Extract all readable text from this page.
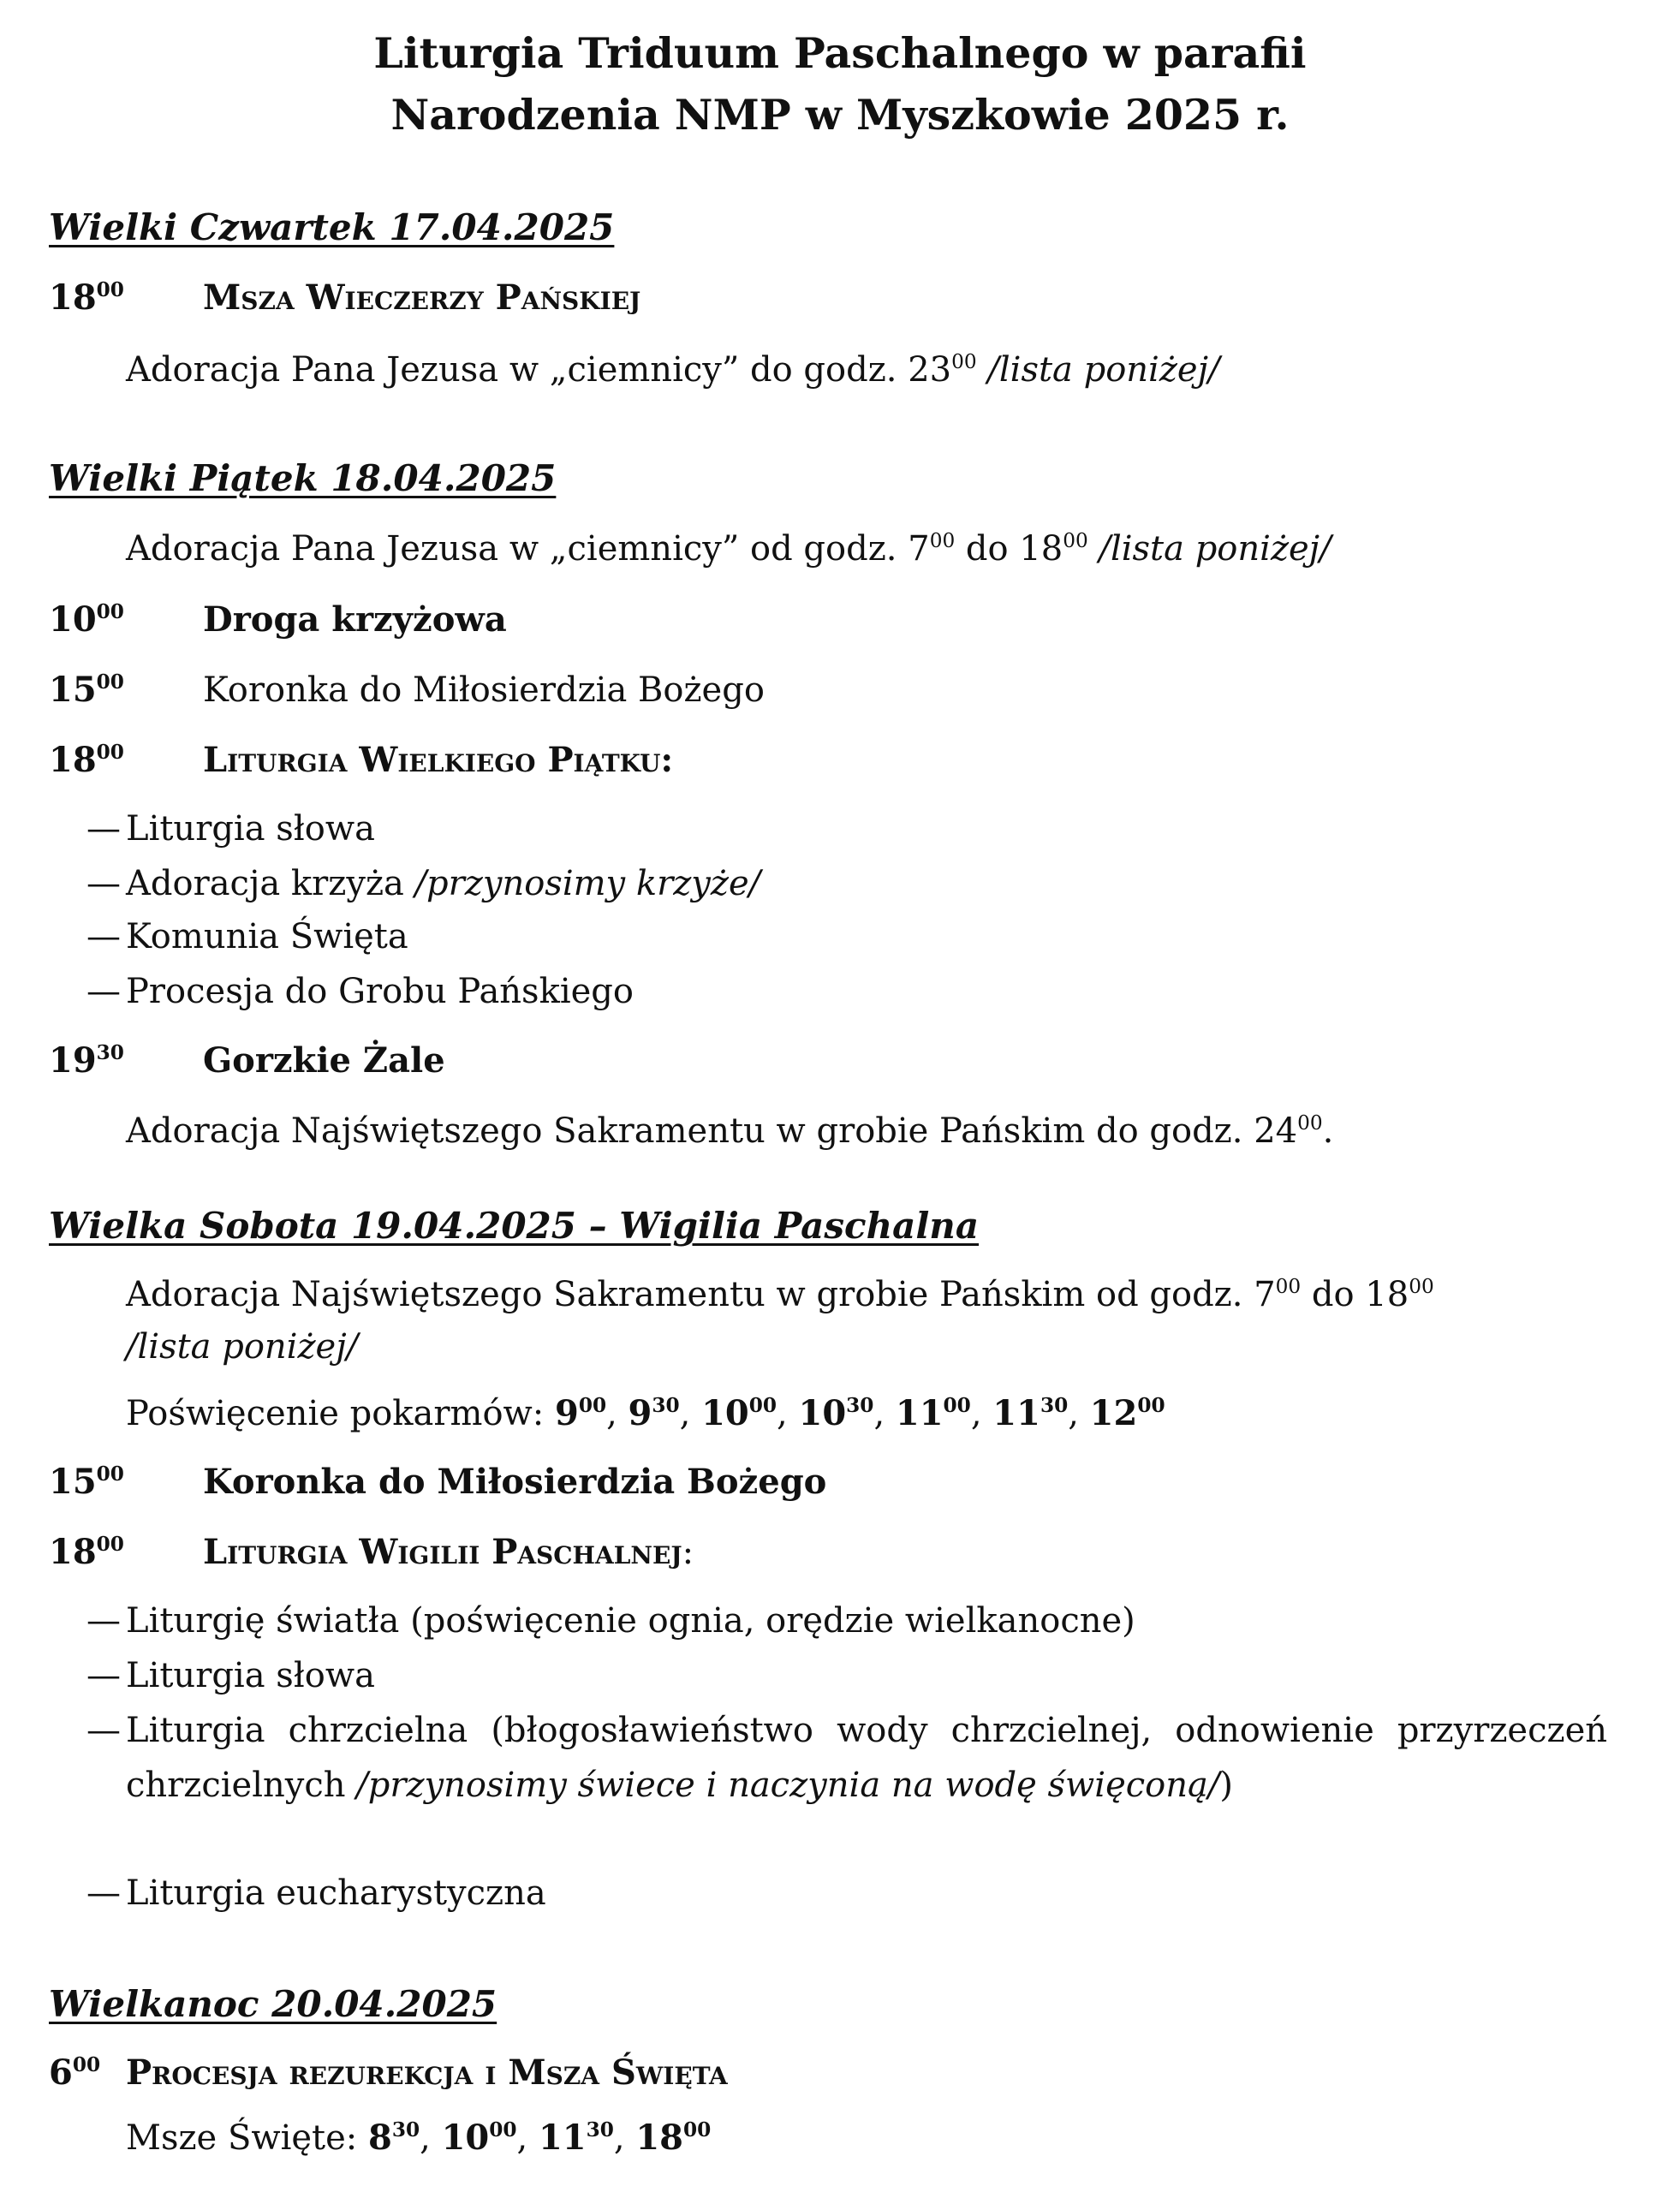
Liturgia Triduum Paschalnego w parafii
Narodzenia NMP w Myszkowie 2025 r.
Wielki Czwartek 17.04.2025
$18^{00}$ Msza Wieczerzy Pańskiej
Adoracja Pana Jezusa w „ciemnicy” do godz. $23^{00}$ /lista poniżej/
Wielki Piątek 18.04.2025
Adoracja Pana Jezusa w „ciemnicy” od godz. $7^{00}$ do $18^{00}$ /lista poniżej/
$10^{00}$ Droga krzyżowa
$15^{00}$ Koronka do Miłosierdzia Bożego
$18^{00}$ Liturgia Wielkiego Piątku:
— Liturgia słowa
— Adoracja krzyża /przynosimy krzyże/
— Komunia Święta
— Procesja do Grobu Pańskiego
$19^{30}$ Gorzkie Żale
Adoracja Najświętszego Sakramentu w grobie Pańskim do godz. $24^{00}$.
Wielka Sobota 19.04.2025 – Wigilia Paschalna
Adoracja Najświętszego Sakramentu w grobie Pańskim od godz. $7^{00}$ do $18^{00}$
/lista poniżej/
Poświęcenie pokarmów: $9^{00}$, $9^{30}$, $10^{00}$, $10^{30}$, $11^{00}$, $11^{30}$, $12^{00}$
$15^{00}$ Koronka do Miłosierdzia Bożego
$18^{00}$ Liturgia Wigilii Paschalnej:
— Liturgię światła (poświęcenie ognia, orędzie wielkanocne)
— Liturgia słowa
— Liturgia chrzcielna (błogosławieństwo wody chrzcielnej, odnowienie przyrzeczeń chrzcielnych /przynosimy świece i naczynia na wodę święconą/)
— Liturgia eucharystyczna
Wielkanoc 20.04.2025
$6^{00}$ Procesja rezurekcja i Msza Święta
Msze Święte: $8^{30}$, $10^{00}$, $11^{30}$, $18^{00}$
